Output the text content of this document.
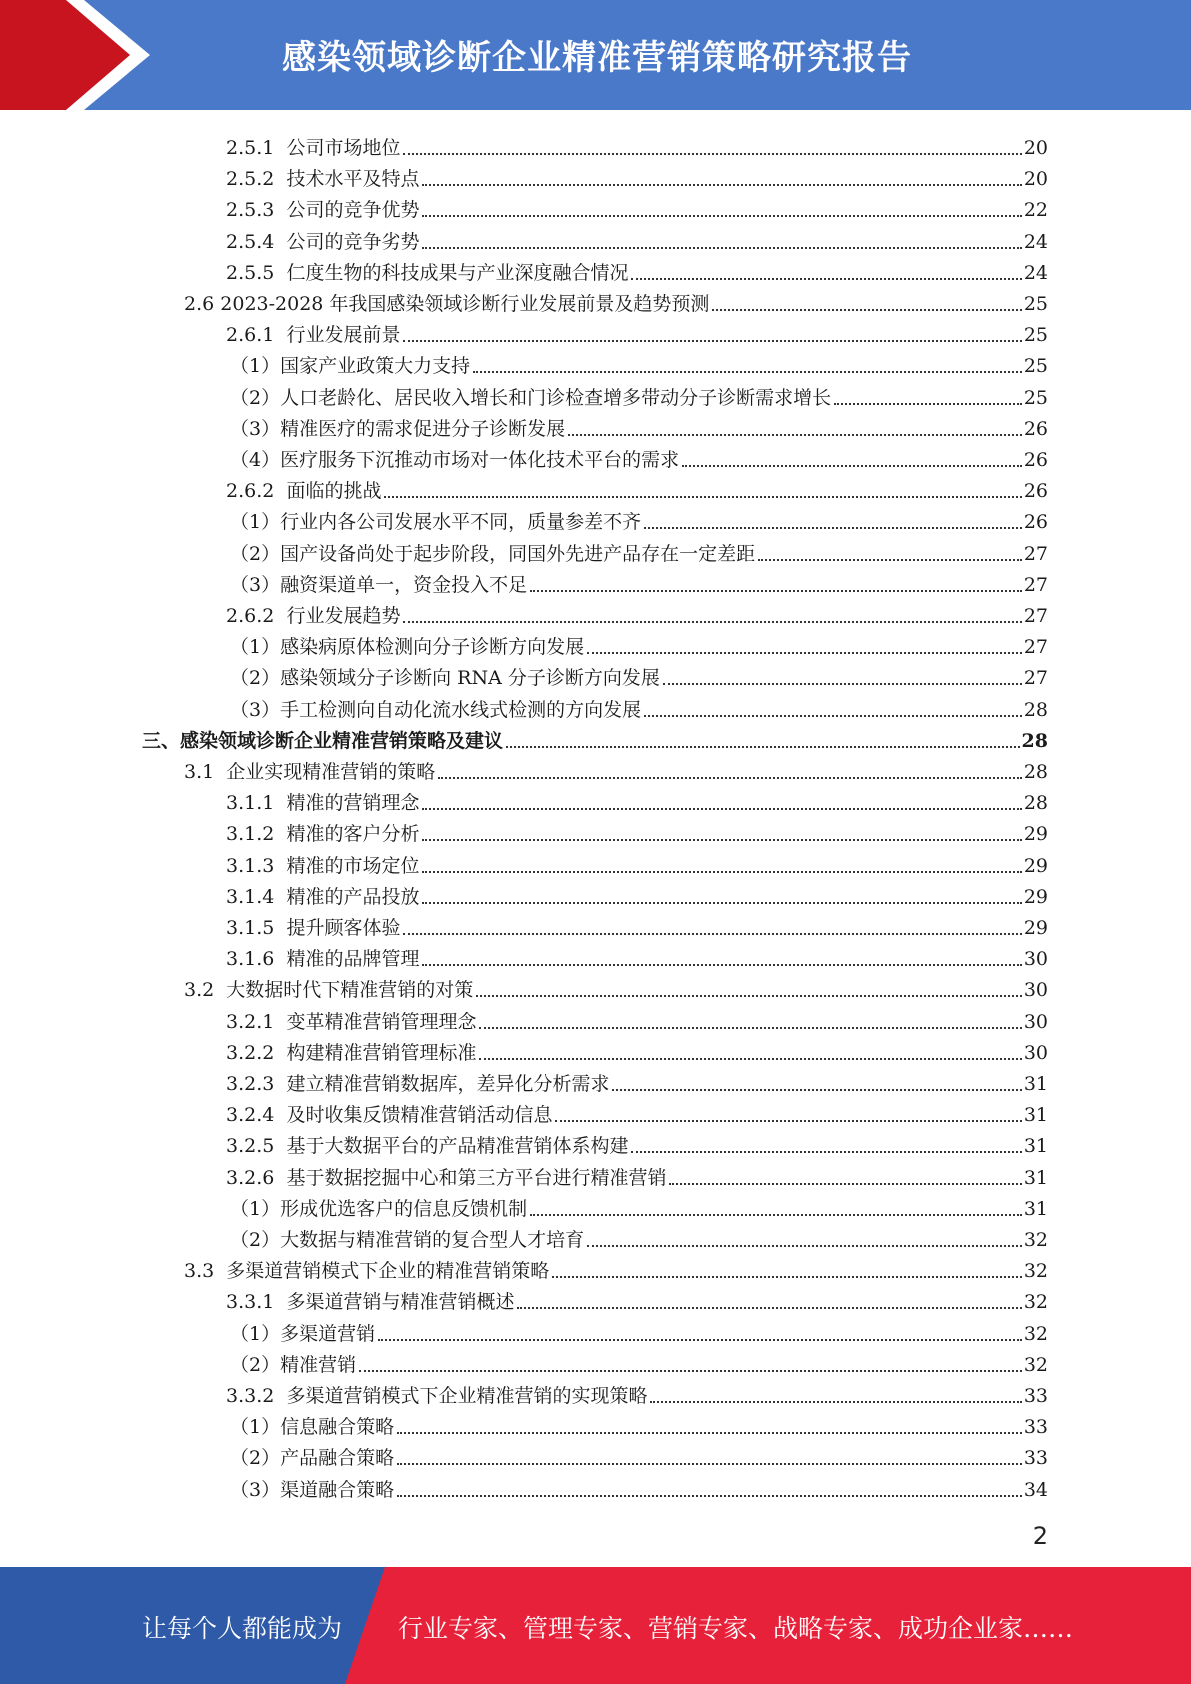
感染领域诊断企业精准营销策略研究报告
2.5.1 公司市场地位	20
2.5.2 技术水平及特点	20
2.5.3 公司的竞争优势	22
2.5.4 公司的竞争劣势	24
2.5.5 仁度生物的科技成果与产业深度融合情况	24
2.6 2023-2028 年我国感染领域诊断行业发展前景及趋势预测	25
2.6.1 行业发展前景	25
（1） 国家产业政策大力支持	25
（2） 人口老龄化、居民收入增长和门诊检查增多带动分子诊断需求增长	25
（3） 精准医疗的需求促进分子诊断发展	26
（4） 医疗服务下沉推动市场对一体化技术平台的需求	26
2.6.2 面临的挑战	26
（1） 行业内各公司发展水平不同，质量参差不齐	26
（2） 国产设备尚处于起步阶段，同国外先进产品存在一定差距	27
（3） 融资渠道单一，资金投入不足	27
2.6.2 行业发展趋势	27
（1） 感染病原体检测向分子诊断方向发展	27
（2） 感染领域分子诊断向 RNA 分子诊断方向发展	27
（3） 手工检测向自动化流水线式检测的方向发展	28
三、 感染领域诊断企业精准营销策略及建议	28
3.1 企业实现精准营销的策略	28
3.1.1 精准的营销理念	28
3.1.2 精准的客户分析	29
3.1.3 精准的市场定位	29
3.1.4 精准的产品投放	29
3.1.5 提升顾客体验	29
3.1.6 精准的品牌管理	30
3.2 大数据时代下精准营销的对策	30
3.2.1 变革精准营销管理理念	30
3.2.2 构建精准营销管理标准	30
3.2.3 建立精准营销数据库，差异化分析需求	31
3.2.4 及时收集反馈精准营销活动信息	31
3.2.5 基于大数据平台的产品精准营销体系构建	31
3.2.6 基于数据挖掘中心和第三方平台进行精准营销	31
（1） 形成优选客户的信息反馈机制	31
（2） 大数据与精准营销的复合型人才培育	32
3.3 多渠道营销模式下企业的精准营销策略	32
3.3.1 多渠道营销与精准营销概述	32
（1） 多渠道营销	32
（2） 精准营销	32
3.3.2 多渠道营销模式下企业精准营销的实现策略	33
（1） 信息融合策略	33
（2） 产品融合策略	33
（3） 渠道融合策略	34
2
让每个人都能成为 行业专家、管理专家、营销专家、战略专家、成功企业家……
